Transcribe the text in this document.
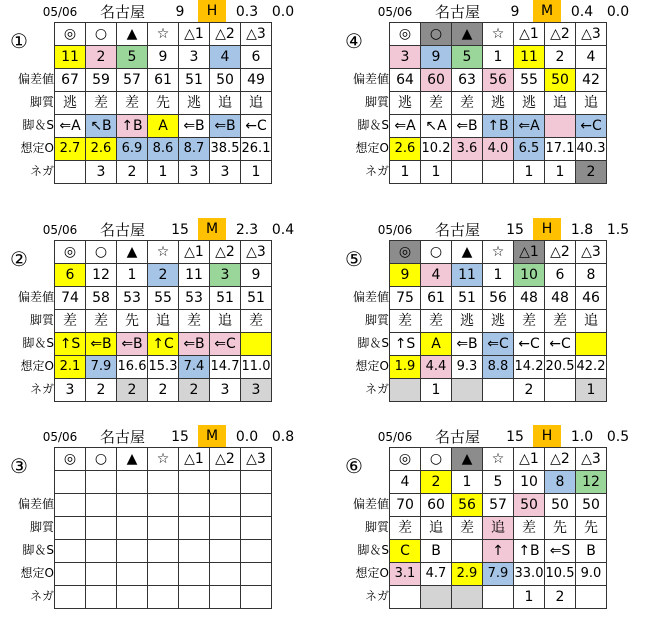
05/06	名古屋	9	H	0.3 0.0
①
偏差値
脚質
脚＆S
想定O
ネガ
◎	○	▲	☆	△1	△2	△3
11	2	5	9	3	4	6
67	59	57	61	51	50	49
逃	差	差	先	逃	追	追
⇐A	↖B	↑B	A	⇐B	⇐B	←C
2.7	2.6	6.9	8.6	8.7	38.5	26.1
	3	2	1	3	3	1
05/06	名古屋	9	M	0.4 0.0
④
偏差値
脚質
脚＆S
想定O
ネガ
◎	○	▲	☆	△1	△2	△3
3	9	5	1	11	2	4
64	60	63	56	55	50	42
逃	差	差	逃	逃	追	追
⇐A	↖A	⇐B	↑B	⇐A		←C
2.6	10.2	3.6	4.0	6.5	17.1	40.3
1	1			1	1	2
05/06	名古屋	15	M	2.3 0.4
②
偏差値
脚質
脚＆S
想定O
ネガ
◎	○	▲	☆	△1	△2	△3
6	12	1	2	11	3	9
74	58	53	55	53	51	51
差	差	先	追	差	追	差
↑S	⇐B	⇐B	↑C	⇐B	⇐C	
2.1	7.9	16.6	15.3	7.4	14.7	11.0
3	2	2	2	2	3	3
05/06	名古屋	15	H	1.8 1.5
⑤
偏差値
脚質
脚＆S
想定O
ネガ
◎	○	▲	☆	△1	△2	△3
9	4	11	1	10	6	8
75	61	51	56	48	48	46
差	差	逃	逃	差	差	追
↑S	A	⇐B	⇐C	←C	←C	
1.9	4.4	9.3	8.8	14.2	20.5	42.2
	1			2		1
05/06	名古屋	15	M	0.0 0.8
③
偏差値
脚質
脚＆S
想定O
ネガ
◎	○	▲	☆	△1	△2	△3

05/06	名古屋	15	H	1.0 0.5
⑥
偏差値
脚質
脚＆S
想定O
ネガ
◎	○	▲	☆	△1	△2	△3
4	2	1	5	10	8	12
70	60	56	57	50	50	50
差	追	差	追	差	先	先
C	B		↑	↑B	⇐S	B
3.1	4.7	2.9	7.9	33.0	10.5	9.0
				1	2	
